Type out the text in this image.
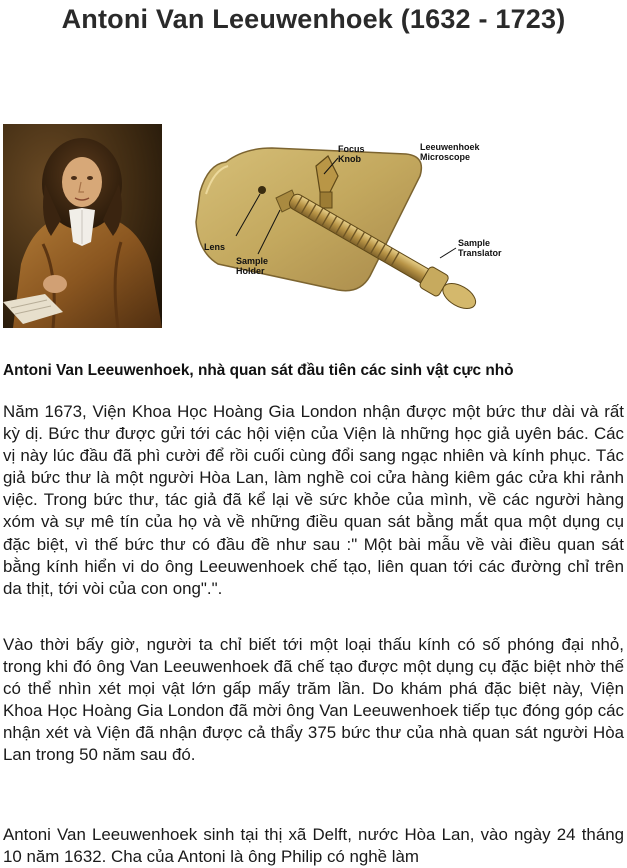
Antoni Van Leeuwenhoek (1632 - 1723)
Focus Knob
Leeuwenhoek Microscope
Lens
Sample Holder
Sample Translator
Antoni Van Leeuwenhoek, nhà quan sát đầu tiên các sinh vật cực nhỏ

Năm 1673, Viện Khoa Học Hoàng Gia London nhận được một bức thư dài và rất kỳ dị. Bức thư được gửi tới các hội viện của Viện là những học giả uyên bác. Các vị này lúc đầu đã phì cười để rồi cuối cùng đổi sang ngạc nhiên và kính phục. Tác giả bức thư là một người Hòa Lan, làm nghề coi cửa hàng kiêm gác cửa khi rảnh việc. Trong bức thư, tác giả đã kể lại về sức khỏe của mình, về các người hàng xóm và sự mê tín của họ và về những điều quan sát bằng mắt qua một dụng cụ đặc biệt, vì thế bức thư có đầu đề như sau :" Một bài mẫu về vài điều quan sát bằng kính hiển vi do ông Leeuwenhoek chế tạo, liên quan tới các đường chỉ trên da thịt, tới vòi của con ong".".

Vào thời bấy giờ, người ta chỉ biết tới một loại thấu kính có số phóng đại nhỏ, trong khi đó ông Van Leeuwenhoek đã chế tạo được một dụng cụ đặc biệt nhờ thế có thể nhìn xét mọi vật lớn gấp mấy trăm lần. Do khám phá đặc biệt này, Viện Khoa Học Hoàng Gia London đã mời ông Van Leeuwenhoek tiếp tục đóng góp các nhận xét và Viện đã nhận được cả thẩy 375 bức thư của nhà quan sát người Hòa Lan trong 50 năm sau đó.

Antoni Van Leeuwenhoek sinh tại thị xã Delft, nước Hòa Lan, vào ngày 24 tháng 10 năm 1632. Cha của Antoni là ông Philip có nghề làm
